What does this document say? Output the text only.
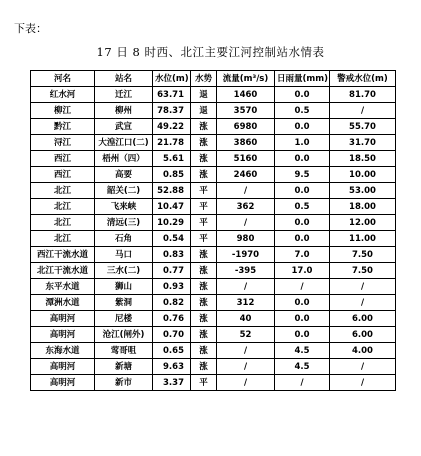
下表：
17 日 8 时西、北江主要江河控制站水情表
河名	站名	水位(m)	水势	流量(m³/s)	日雨量(mm)	警戒水位(m)
红水河	迁江	63.71	退	1460	0.0	81.70
柳江	柳州	78.37	退	3570	0.5	/
黔江	武宣	49.22	涨	6980	0.0	55.70
浔江	大湟江口(二)	21.78	涨	3860	1.0	31.70
西江	梧州（四）	5.61	涨	5160	0.0	18.50
西江	高要	0.85	涨	2460	9.5	10.00
北江	韶关(二)	52.88	平	/	0.0	53.00
北江	飞来峡	10.47	平	362	0.5	18.00
北江	清远(三)	10.29	平	/	0.0	12.00
北江	石角	0.54	平	980	0.0	11.00
西江干流水道	马口	0.83	涨	-1970	7.0	7.50
北江干流水道	三水(二)	0.77	涨	-395	17.0	7.50
东平水道	狮山	0.93	涨	/	/	/
潭洲水道	紫洞	0.82	涨	312	0.0	/
高明河	尼楼	0.76	涨	40	0.0	6.00
高明河	沧江(闸外)	0.70	涨	52	0.0	6.00
东海水道	莺哥咀	0.65	涨	/	4.5	4.00
高明河	新塘	9.63	涨	/	4.5	/
高明河	新市	3.37	平	/	/	/
